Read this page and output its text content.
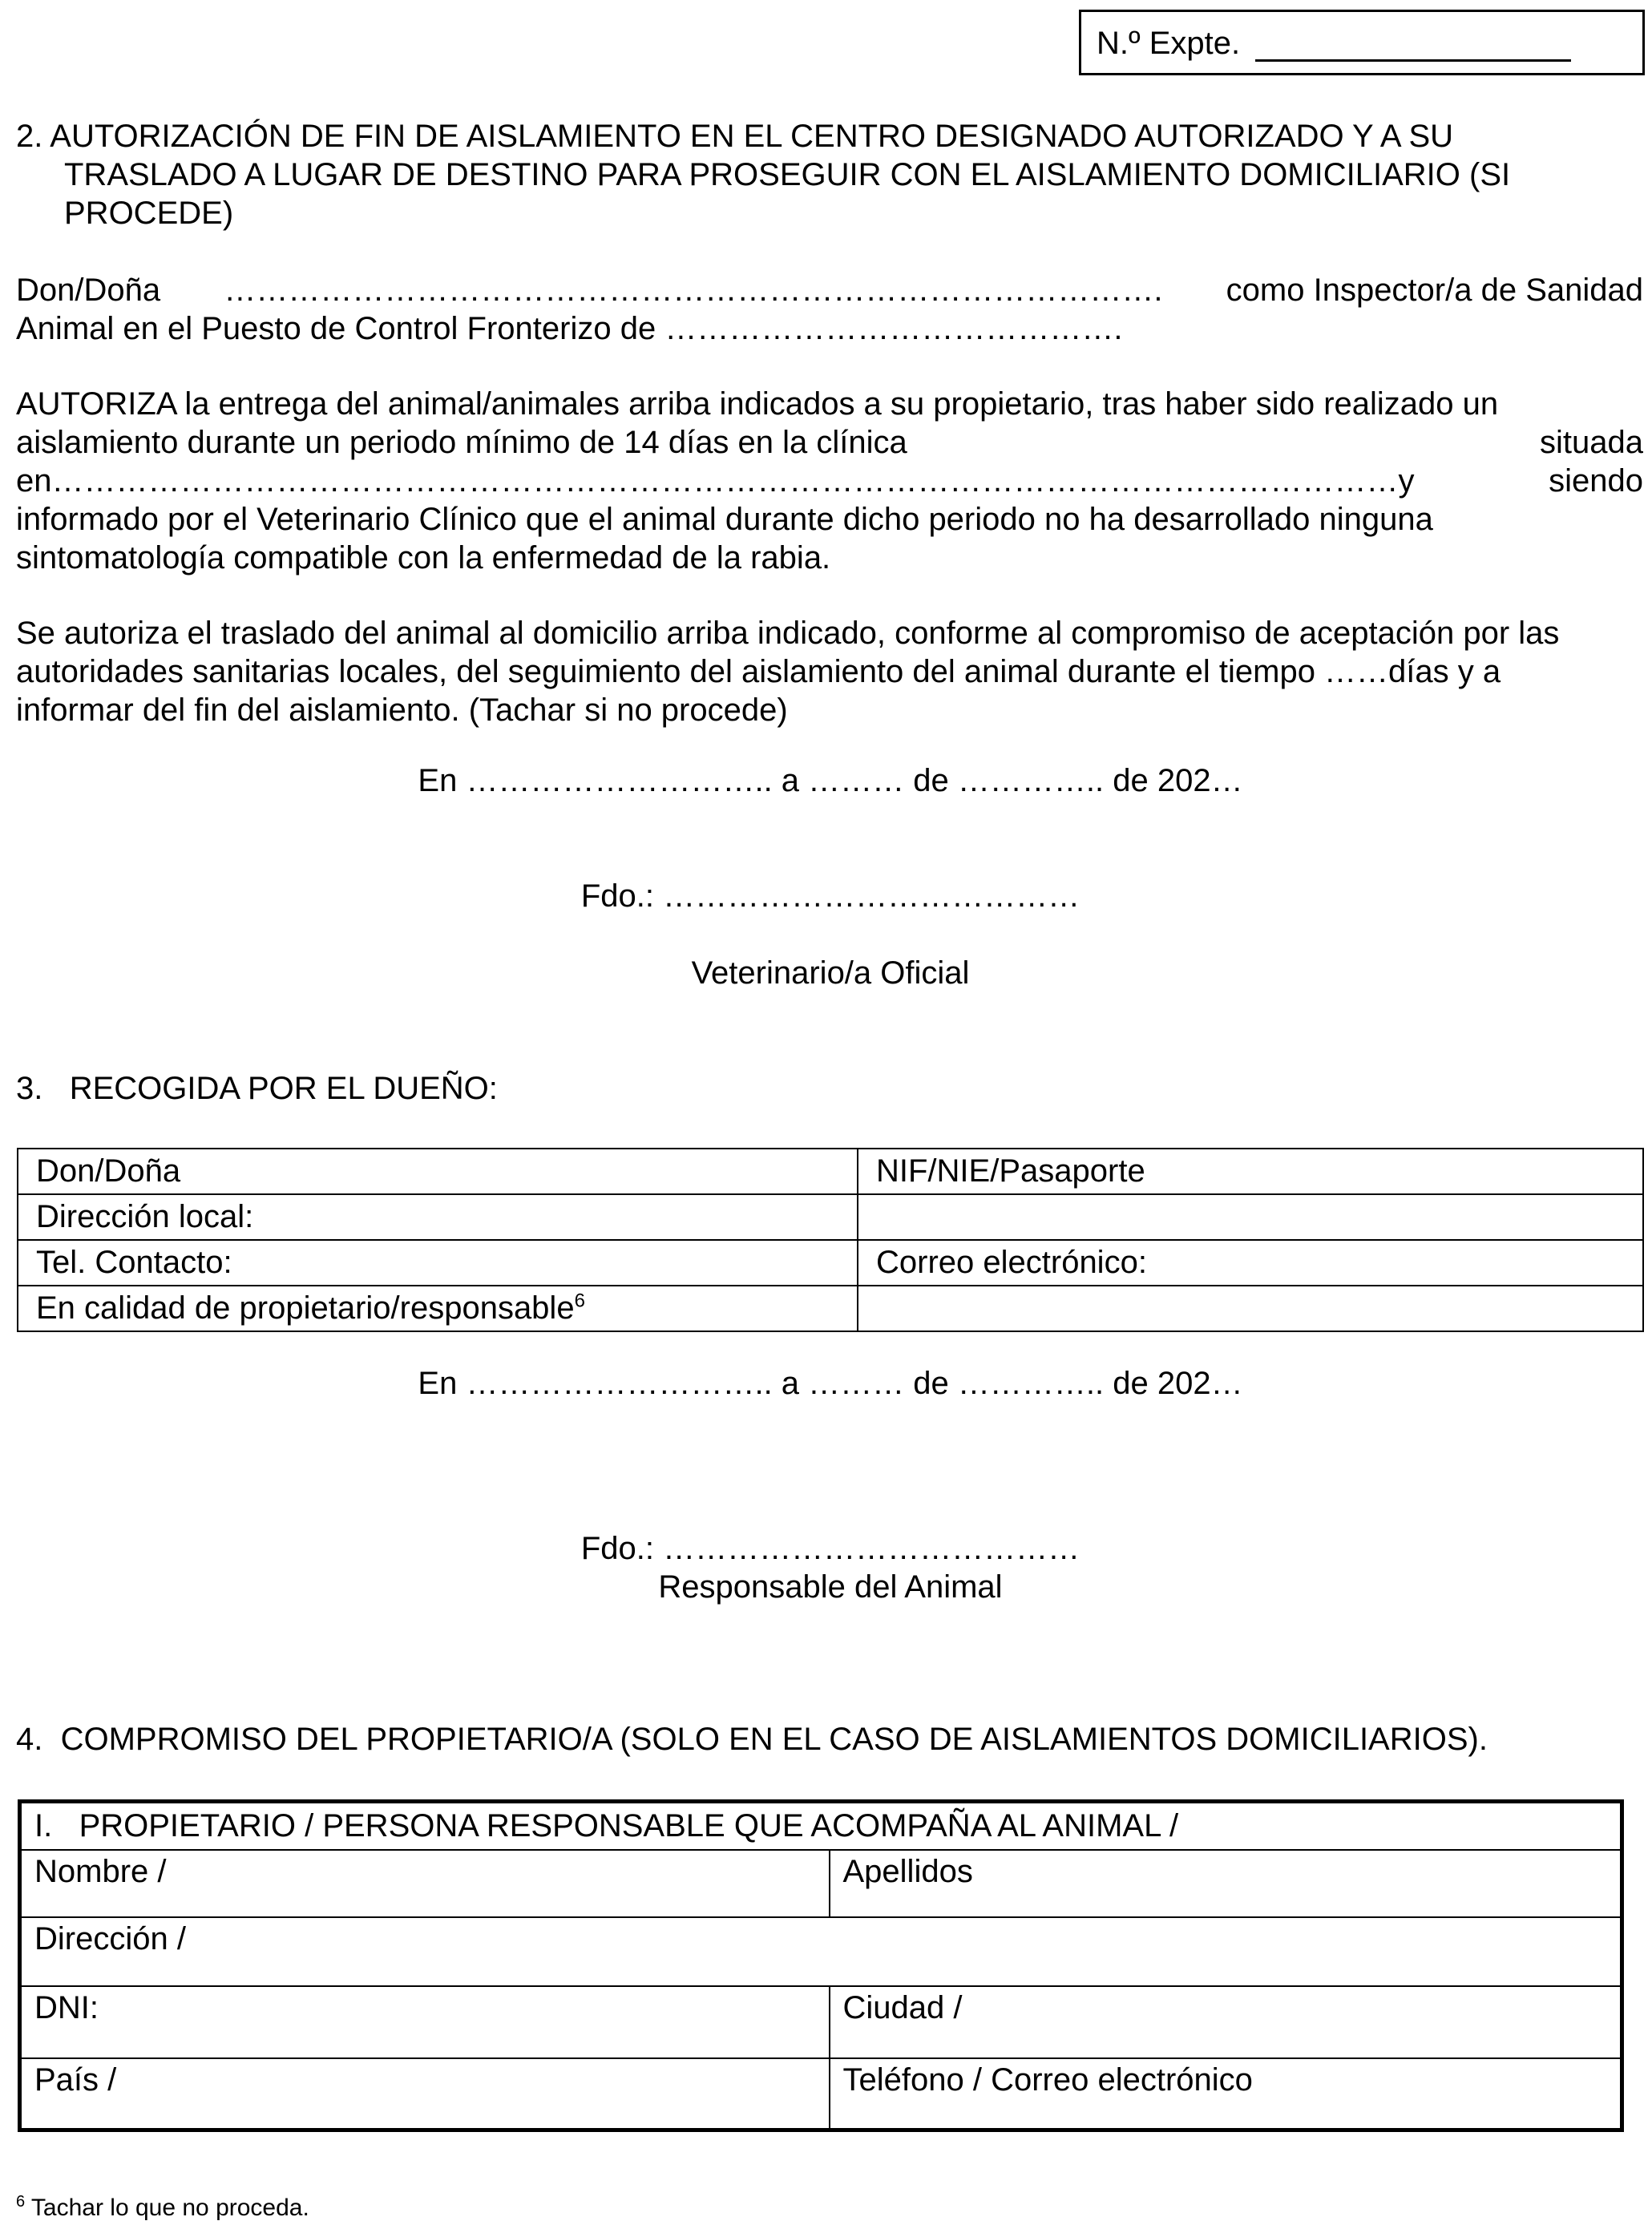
N.º Expte.
2. AUTORIZACIÓN DE FIN DE AISLAMIENTO EN EL CENTRO DESIGNADO AUTORIZADO Y A SU
TRASLADO A LUGAR DE DESTINO PARA PROSEGUIR CON EL AISLAMIENTO DOMICILIARIO (SI
PROCEDE)
Don/Doña ……………………………………………………………………………. como Inspector/a de Sanidad
Animal en el Puesto de Control Fronterizo de …………………………………….
AUTORIZA la entrega del animal/animales arriba indicados a su propietario, tras haber sido realizado un
aislamiento durante un periodo mínimo de 14 días en la clínica	situada
en………………………………………………………………………………………………………………y	siendo
informado por el Veterinario Clínico que el animal durante dicho periodo no ha desarrollado ninguna
sintomatología compatible con la enfermedad de la rabia.
Se autoriza el traslado del animal al domicilio arriba indicado, conforme al compromiso de aceptación por las
autoridades sanitarias locales, del seguimiento del aislamiento del animal durante el tiempo ……días y a
informar del fin del aislamiento. (Tachar si no procede)
En ……………………….. a ……… de ………….. de 202…
Fdo.: …………………………………
Veterinario/a Oficial
3.   RECOGIDA POR EL DUEÑO:
Don/Doña	NIF/NIE/Pasaporte
Dirección local:	
Tel. Contacto:	Correo electrónico:
En calidad de propietario/responsable$^6$	
En ……………………….. a ……… de ………….. de 202…
Fdo.: …………………………………
Responsable del Animal
4.  COMPROMISO DEL PROPIETARIO/A (SOLO EN EL CASO DE AISLAMIENTOS DOMICILIARIOS).
I.   PROPIETARIO / PERSONA RESPONSABLE QUE ACOMPAÑA AL ANIMAL /	
Nombre /	Apellidos
Dirección /	
DNI:	Ciudad /
País /	Teléfono / Correo electrónico
$^6$ Tachar lo que no proceda.
